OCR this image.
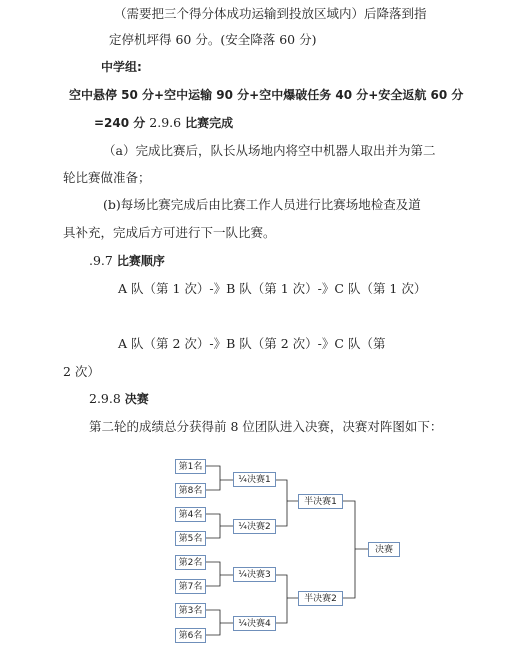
（需要把三个得分体成功运输到投放区域内）后降落到指
定停机坪得 60 分。(安全降落 60 分)
中学组:
空中悬停 50 分+空中运输 90 分+空中爆破任务 40 分+安全返航 60 分
=240 分 2.9.6 比赛完成
（a）完成比赛后，队长从场地内将空中机器人取出并为第二
轮比赛做准备；
(b)每场比赛完成后由比赛工作人员进行比赛场地检查及道
具补充，完成后方可进行下一队比赛。
.9.7 比赛顺序
A 队（第 1 次）-》B 队（第 1 次）-》C 队（第 1 次）
A 队（第 2 次）-》B 队（第 2 次）-》C 队（第
2 次）
2.9.8 决赛
第二轮的成绩总分获得前 8 位团队进入决赛，决赛对阵图如下：
第1名
第8名
第4名
第5名
第2名
第7名
第3名
第6名
¼决赛1
¼决赛2
¼决赛3
¼决赛4
半决赛1
半决赛2
决赛
